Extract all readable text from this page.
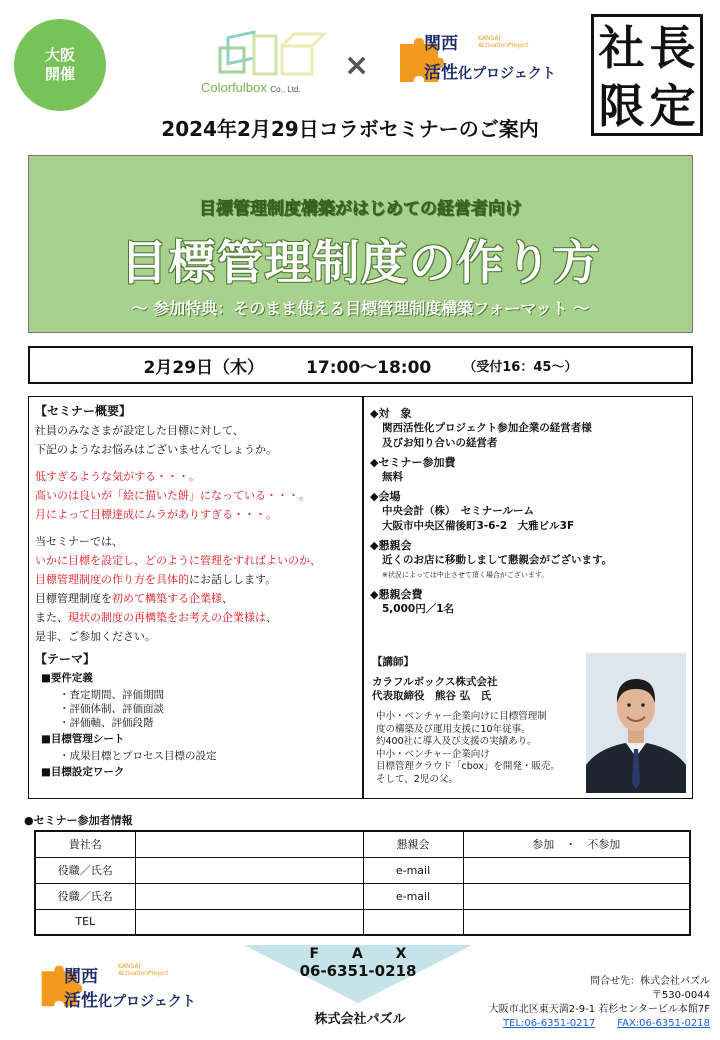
大阪
開催
Colorfulbox Co., Ltd.
×
関西	KANSAI
ActivationProject
活性化プロジェクト 社 長
限 定
2024年2月29日コラボセミナーのご案内
目標管理制度構築がはじめての経営者向け
目標管理制度の作り方
～ 参加特典：そのまま使える目標管理制度構築フォーマット ～
2月29日（木） 17:00～18:00 （受付16：45～）

【セミナー概要】

社員のみなさまが設定した目標に対して、

下記のようなお悩みはございませんでしょうか。

低すぎるような気がする・・・。

高いのは良いが「絵に描いた餅」になっている・・・。

月によって目標達成にムラがありすぎる・・・。

当セミナーでは、

いかに目標を設定し、どのように管理をすればよいのか、

目標管理制度の作り方を具体的にお話しします。

目標管理制度を初めて構築する企業様、

また、現状の制度の再構築をお考えの企業様は、

是非、ご参加ください。

【テーマ】

■要件定義

・査定期間、評価期間

・評価体制、評価面談

・評価軸、評価段階

■目標管理シート

・成果目標とプロセス目標の設定

■目標設定ワーク

◆対　象

関西活性化プロジェクト参加企業の経営者様

及びお知り合いの経営者

◆セミナー参加費

無料

◆会場

中央会計（株）　セミナールーム

大阪市中央区備後町3-6-2　大雅ビル3F

◆懇親会

近くのお店に移動しまして懇親会がございます。

※状況によっては中止させて頂く場合がございます。

◆懇親会費

5,000円／1名

【講師】

カラフルボックス株式会社

代表取締役　熊谷 弘　氏

中小・ベンチャー企業向けに目標管理制

度の構築及び運用支援に10年従事。

約400社に導入及び支援の実績あり。

中小・ベンチャー企業向け

目標管理クラウド「cbox」を開発・販売。

そして、2児の父。

●セミナー参加者情報
貴社名		懇親会	参加　・　不参加
役職／氏名		e-mail	
役職／氏名		e-mail	
TEL			
F A X
06-6351-0218
株式会社パズル
関西
KANSAI
ActivationProject
活性化プロジェクト

問合せ先：株式会社パズル

〒530-0044

大阪市北区東天満2-9-1 若杉センタービル本館7F

TEL:06-6351-0217 FAX:06-6351-0218
